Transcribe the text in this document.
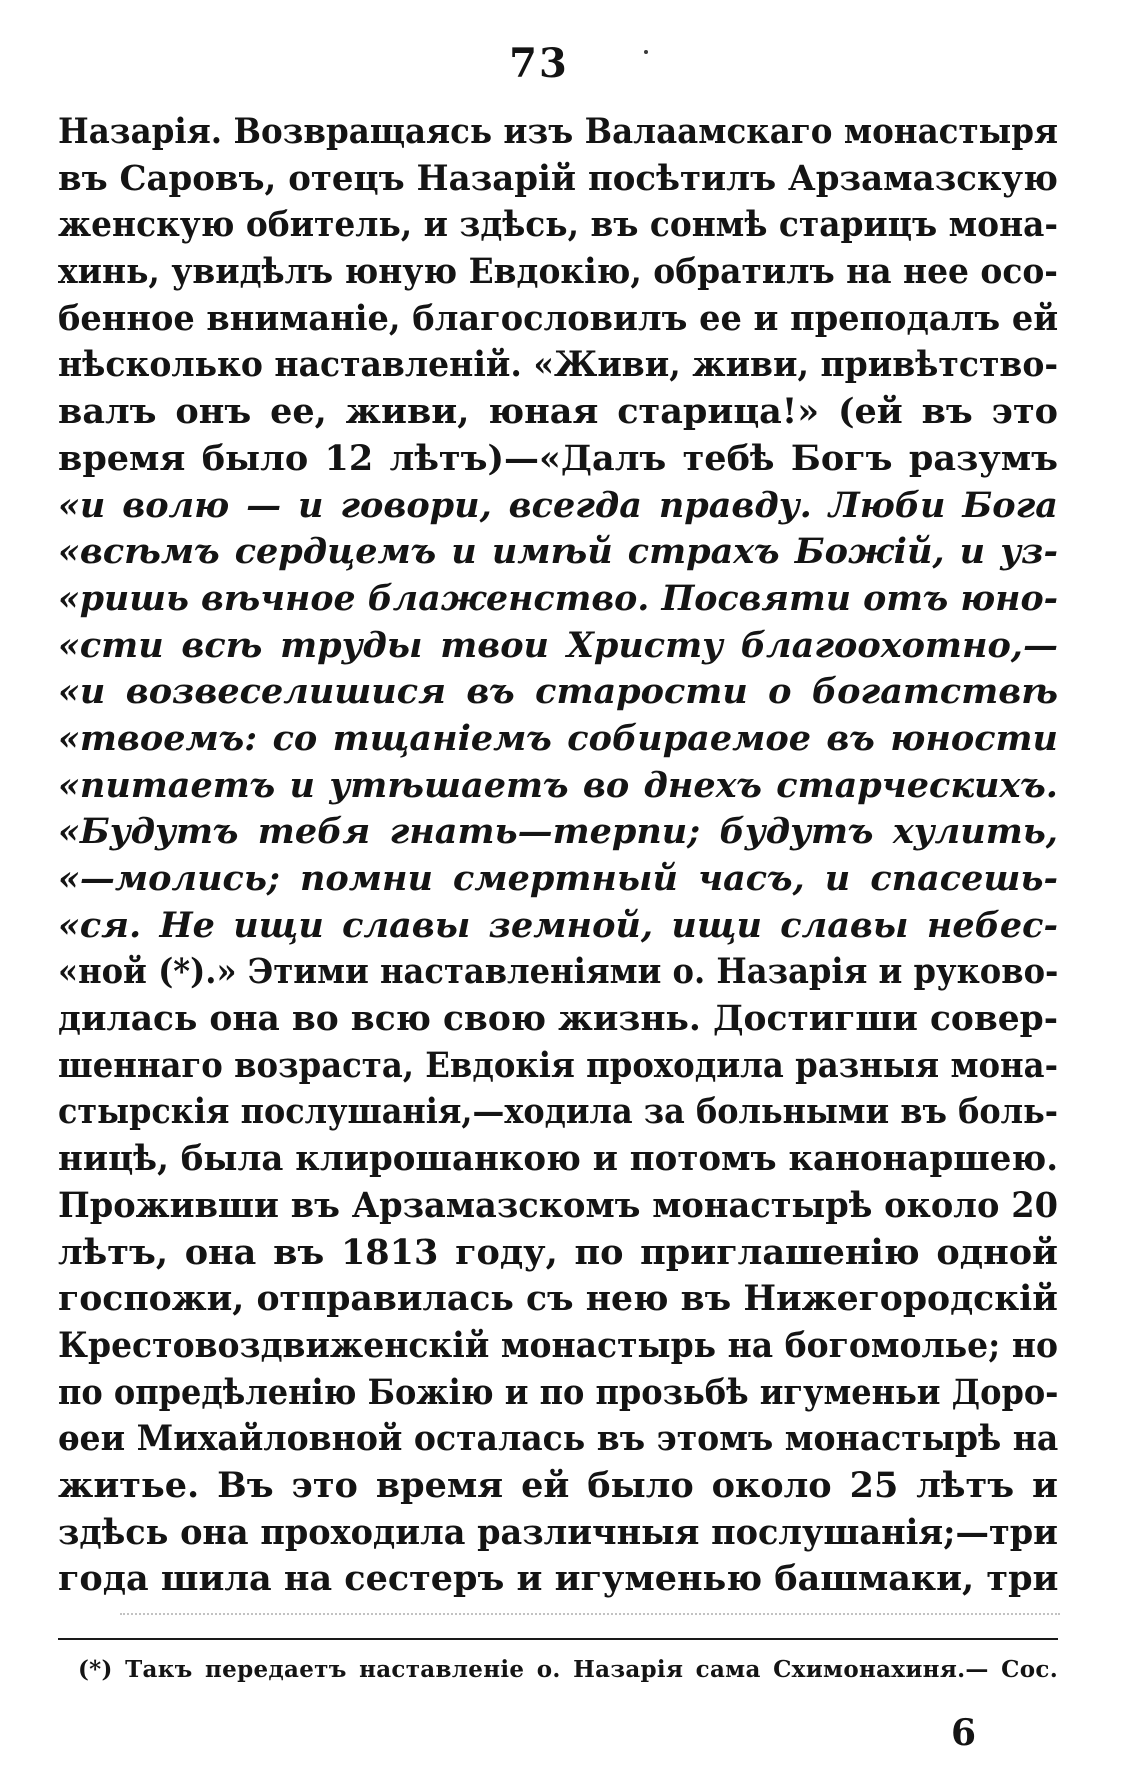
73
Назарія. Возвращаясь изъ Валаамскаго монастыря
въ Саровъ, отецъ Назарій посѣтилъ Арзамазскую
женскую обитель, и здѣсь, въ сонмѣ старицъ мона-
хинь, увидѣлъ юную Евдокію, обратилъ на нее осо-
бенное вниманіе, благословилъ ее и преподалъ ей
нѣсколько наставленій. «Живи, живи, привѣтство-
валъ онъ ее, живи, юная старица!» (ей въ это
время было 12 лѣтъ)—«Далъ тебѣ Богъ разумъ
«и волю — и говори, всегда правду. Люби Бога
«всѣмъ сердцемъ и имѣй страхъ Божій, и уз-
«ришь вѣчное блаженство. Посвяти отъ юно-
«сти всѣ труды твои Христу благоохотно,—
«и возвеселишися въ старости о богатствѣ
«твоемъ: со тщаніемъ собираемое въ юности
«питаетъ и утѣшаетъ во днехъ старческихъ.
«Будутъ тебя гнать—терпи; будутъ хулить,
«—молись; помни смертный часъ, и спасешь-
«ся. Не ищи славы земной, ищи славы небес-
«ной (*).» Этими наставленіями о. Назарія и руково-
дилась она во всю свою жизнь. Достигши совер-
шеннаго возраста, Евдокія проходила разныя мона-
стырскія послушанія,—ходила за больными въ боль-
ницѣ, была клирошанкою и потомъ канонаршею.
Проживши въ Арзамазскомъ монастырѣ около 20
лѣтъ, она въ 1813 году, по приглашенію одной
госпожи, отправилась съ нею въ Нижегородскій
Крестовоздвиженскій монастырь на богомолье; но
по опредѣленію Божію и по прозьбѣ игуменьи Доро-
ѳеи Михайловной осталась въ этомъ монастырѣ на
житье. Въ это время ей было около 25 лѣтъ и
здѣсь она проходила различныя послушанія;—три
года шила на сестеръ и игуменью башмаки, три
(*) Такъ передаетъ наставленіе о. Назарія сама Схимонахиня.— Сос.
6
